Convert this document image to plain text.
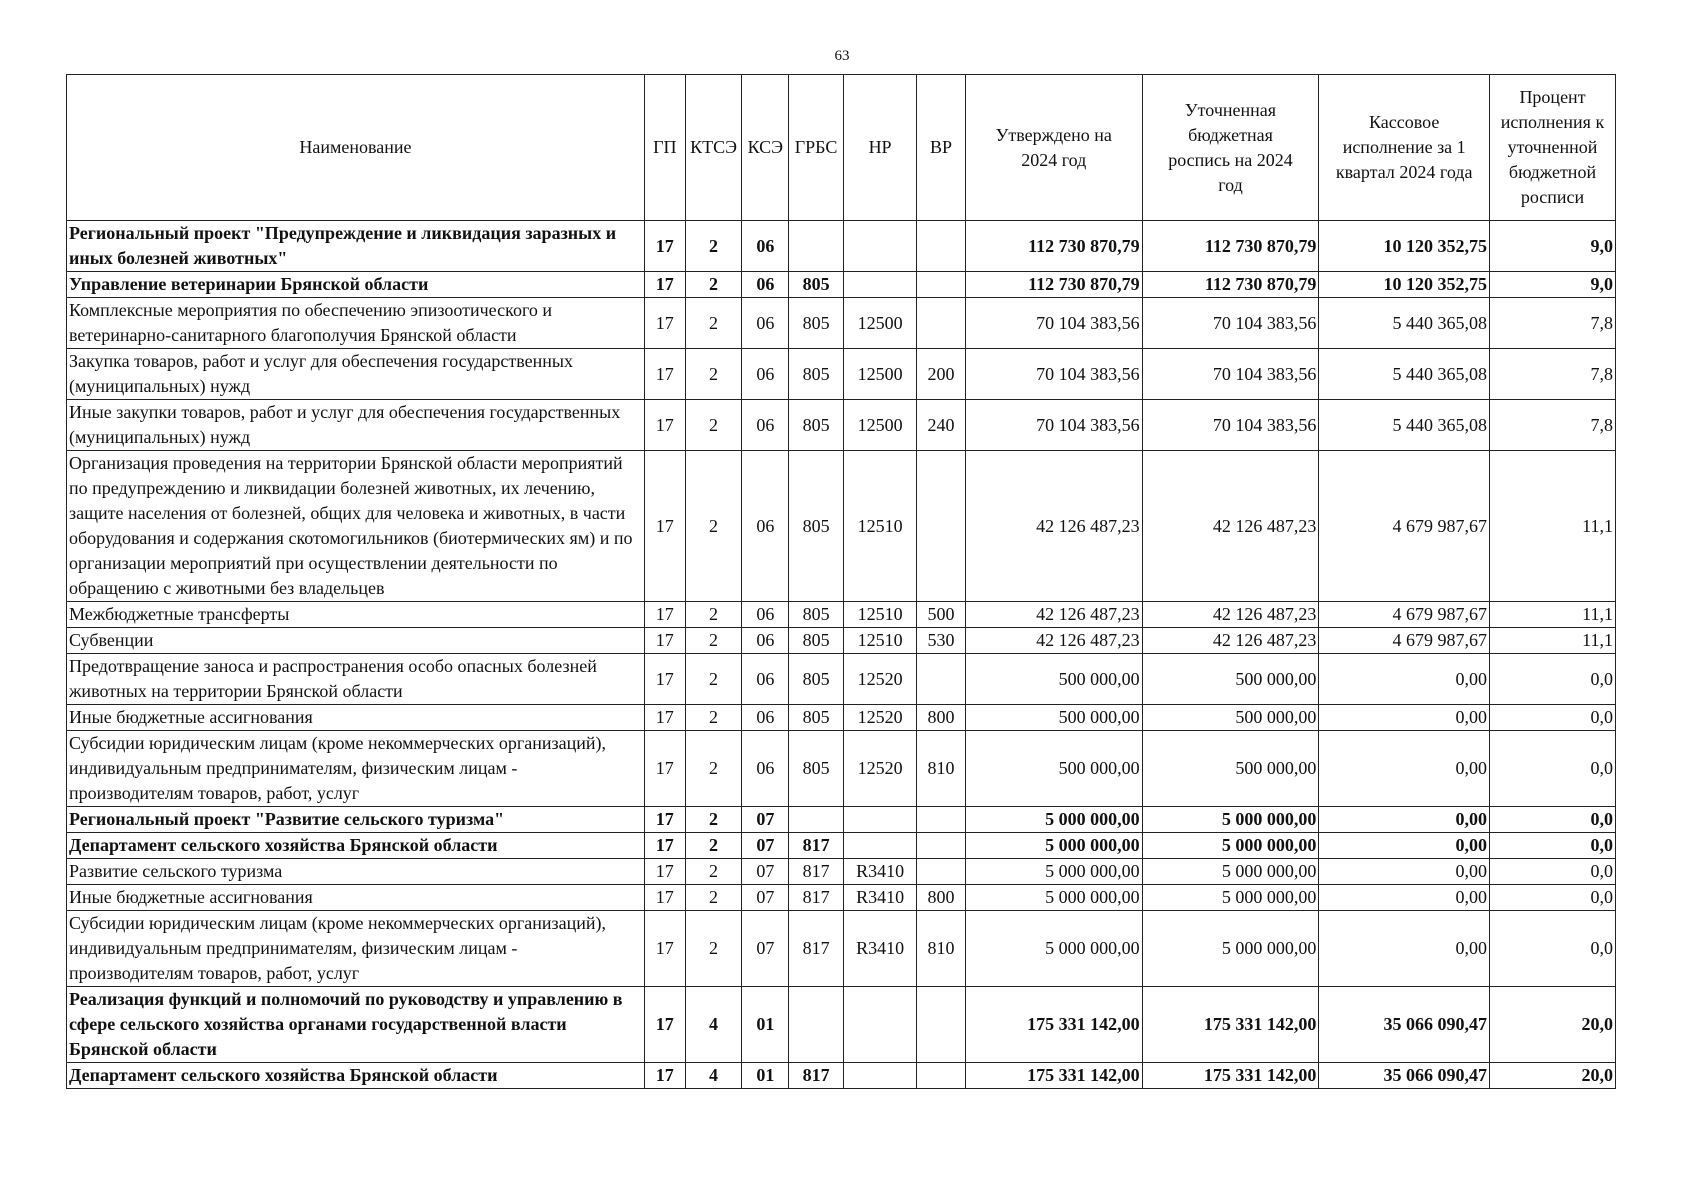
63
Наименование	ГП	КТСЭ	КСЭ	ГРБС	НР	ВР	Утверждено на 2024 год	Уточненная бюджетная роспись на 2024 год	Кассовое исполнение за 1 квартал 2024 года	Процент исполнения к уточненной бюджетной росписи
Региональный проект "Предупреждение и ликвидация заразных и иных болезней животных"	17	2	06				112 730 870,79	112 730 870,79	10 120 352,75	9,0
Управление ветеринарии Брянской области	17	2	06	805			112 730 870,79	112 730 870,79	10 120 352,75	9,0
Комплексные мероприятия по обеспечению эпизоотического и ветеринарно-санитарного благополучия Брянской области	17	2	06	805	12500		70 104 383,56	70 104 383,56	5 440 365,08	7,8
Закупка товаров, работ и услуг для обеспечения государственных (муниципальных) нужд	17	2	06	805	12500	200	70 104 383,56	70 104 383,56	5 440 365,08	7,8
Иные закупки товаров, работ и услуг для обеспечения государственных (муниципальных) нужд	17	2	06	805	12500	240	70 104 383,56	70 104 383,56	5 440 365,08	7,8
Организация проведения на территории Брянской области мероприятий по предупреждению и ликвидации болезней животных, их лечению, защите населения от болезней, общих для человека и животных, в части оборудования и содержания скотомогильников (биотермических ям) и по организации мероприятий при осуществлении деятельности по обращению с животными без владельцев	17	2	06	805	12510		42 126 487,23	42 126 487,23	4 679 987,67	11,1
Межбюджетные трансферты	17	2	06	805	12510	500	42 126 487,23	42 126 487,23	4 679 987,67	11,1
Субвенции	17	2	06	805	12510	530	42 126 487,23	42 126 487,23	4 679 987,67	11,1
Предотвращение заноса и распространения особо опасных болезней животных на территории Брянской области	17	2	06	805	12520		500 000,00	500 000,00	0,00	0,0
Иные бюджетные ассигнования	17	2	06	805	12520	800	500 000,00	500 000,00	0,00	0,0
Субсидии юридическим лицам (кроме некоммерческих организаций), индивидуальным предпринимателям, физическим лицам - производителям товаров, работ, услуг	17	2	06	805	12520	810	500 000,00	500 000,00	0,00	0,0
Региональный проект "Развитие сельского туризма"	17	2	07				5 000 000,00	5 000 000,00	0,00	0,0
Департамент сельского хозяйства Брянской области	17	2	07	817			5 000 000,00	5 000 000,00	0,00	0,0
Развитие сельского туризма	17	2	07	817	R3410		5 000 000,00	5 000 000,00	0,00	0,0
Иные бюджетные ассигнования	17	2	07	817	R3410	800	5 000 000,00	5 000 000,00	0,00	0,0
Субсидии юридическим лицам (кроме некоммерческих организаций), индивидуальным предпринимателям, физическим лицам - производителям товаров, работ, услуг	17	2	07	817	R3410	810	5 000 000,00	5 000 000,00	0,00	0,0
Реализация функций и полномочий по руководству и управлению в сфере сельского хозяйства органами государственной власти Брянской области	17	4	01				175 331 142,00	175 331 142,00	35 066 090,47	20,0
Департамент сельского хозяйства Брянской области	17	4	01	817			175 331 142,00	175 331 142,00	35 066 090,47	20,0
